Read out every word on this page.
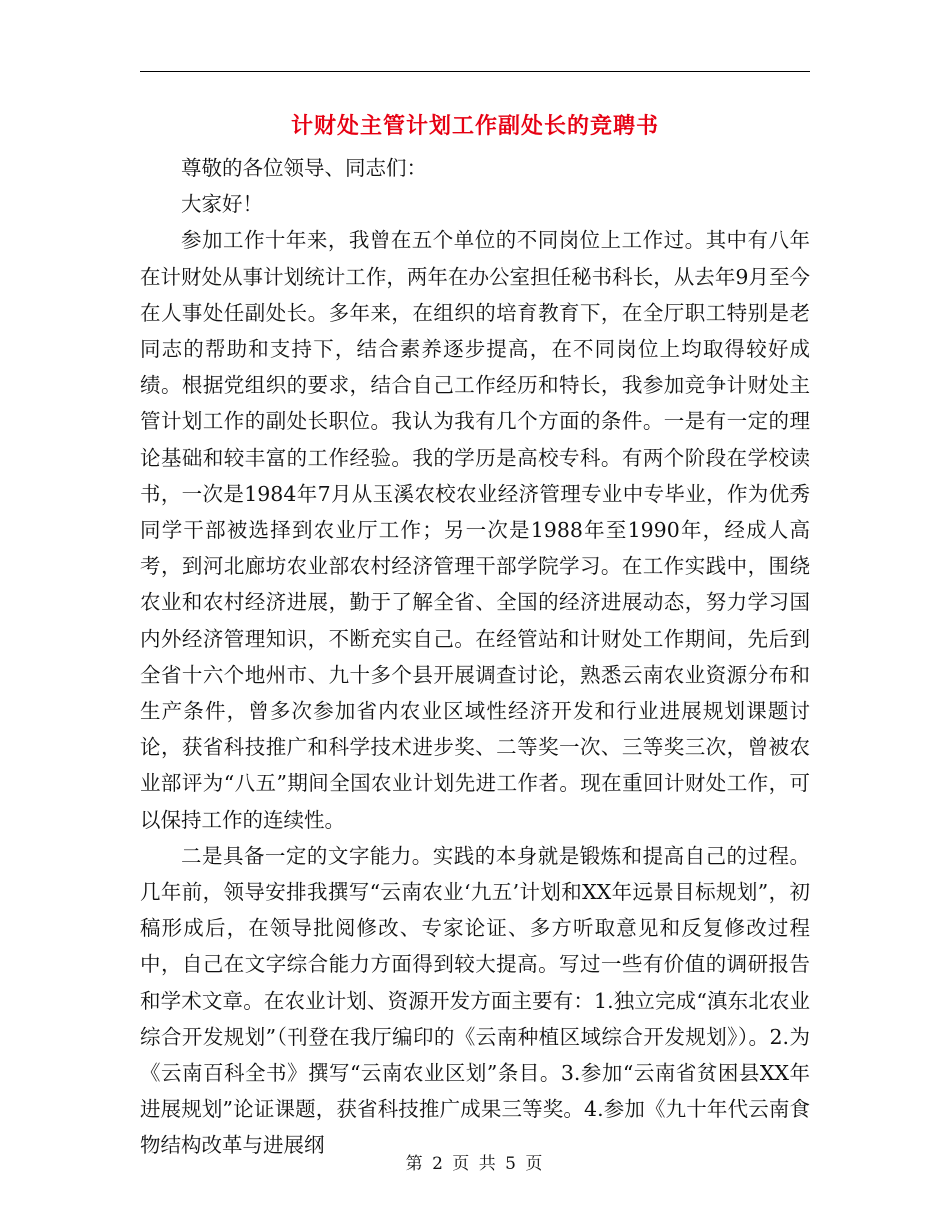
计财处主管计划工作副处长的竞聘书

尊敬的各位领导、同志们：

大家好！

参加工作十年来，我曾在五个单位的不同岗位上工作过。其中有八年在计财处从事计划统计工作，两年在办公室担任秘书科长，从去年9月至今在人事处任副处长。多年来，在组织的培育教育下，在全厅职工特别是老同志的帮助和支持下，结合素养逐步提高，在不同岗位上均取得较好成绩。根据党组织的要求，结合自己工作经历和特长，我参加竞争计财处主管计划工作的副处长职位。我认为我有几个方面的条件。一是有一定的理论基础和较丰富的工作经验。我的学历是高校专科。有两个阶段在学校读书，一次是1984年7月从玉溪农校农业经济管理专业中专毕业，作为优秀同学干部被选择到农业厅工作；另一次是1988年至1990年，经成人高考，到河北廊坊农业部农村经济管理干部学院学习。在工作实践中，围绕农业和农村经济进展，勤于了解全省、全国的经济进展动态，努力学习国内外经济管理知识，不断充实自己。在经管站和计财处工作期间，先后到全省十六个地州市、九十多个县开展调查讨论，熟悉云南农业资源分布和生产条件，曾多次参加省内农业区域性经济开发和行业进展规划课题讨论，获省科技推广和科学技术进步奖、二等奖一次、三等奖三次，曾被农业部评为“八五”期间全国农业计划先进工作者。现在重回计财处工作，可以保持工作的连续性。

二是具备一定的文字能力。实践的本身就是锻炼和提高自己的过程。几年前，领导安排我撰写“云南农业‘九五’计划和XX年远景目标规划”，初稿形成后，在领导批阅修改、专家论证、多方听取意见和反复修改过程中，自己在文字综合能力方面得到较大提高。写过一些有价值的调研报告和学术文章。在农业计划、资源开发方面主要有：1.独立完成“滇东北农业综合开发规划”（刊登在我厅编印的《云南种植区域综合开发规划》）。2.为《云南百科全书》撰写“云南农业区划”条目。3.参加“云南省贫困县XX年进展规划”论证课题，获省科技推广成果三等奖。4.参加《九十年代云南食物结构改革与进展纲

第 2 页 共 5 页
